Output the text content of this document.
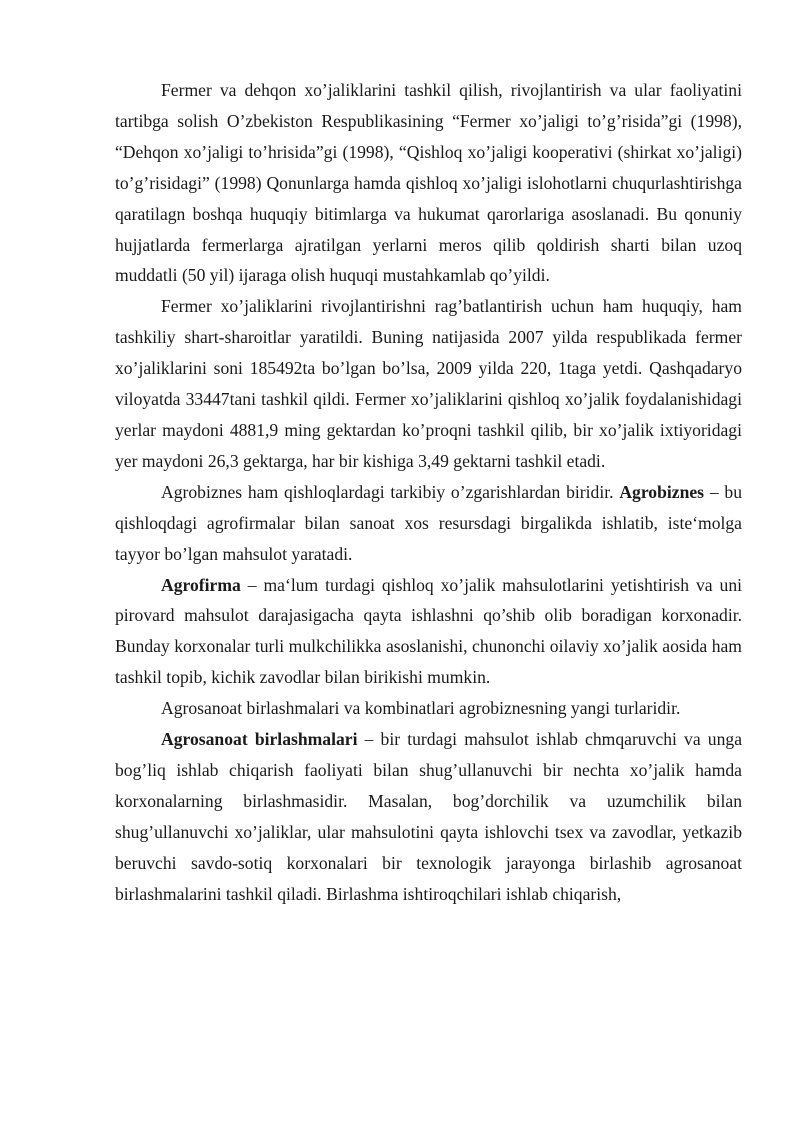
Fermer va dehqon xo’jaliklarini tashkil qilish, rivojlantirish va ular faoliyatini tartibga solish O’zbekiston Respublikasining “Fermer xo’jaligi to’g’risida”gi (1998), “Dehqon xo’jaligi to’hrisida”gi (1998), “Qishloq xo’jaligi kooperativi (shirkat xo’jaligi) to’g’risidagi” (1998) Qonunlarga hamda qishloq xo’jaligi islohotlarni chuqurlashtirishga qaratilagn boshqa huquqiy bitimlarga va hukumat qarorlariga asoslanadi. Bu qonuniy hujjatlarda fermerlarga ajratilgan yerlarni meros qilib qoldirish sharti bilan uzoq muddatli (50 yil) ijaraga olish huquqi mustahkamlab qo’yildi.

Fermer xo’jaliklarini rivojlantirishni rag’batlantirish uchun ham huquqiy, ham tashkiliy shart-sharoitlar yaratildi. Buning natijasida 2007 yilda respublikada fermer xo’jaliklarini soni 185492ta bo’lgan bo’lsa, 2009 yilda 220, 1taga yetdi. Qashqadaryo viloyatda 33447tani tashkil qildi. Fermer xo’jaliklarini qishloq xo’jalik foydalanishidagi yerlar maydoni 4881,9 ming gektardan ko’proqni tashkil qilib, bir xo’jalik ixtiyoridagi yer maydoni 26,3 gektarga, har bir kishiga 3,49 gektarni tashkil etadi.

Agrobiznes ham qishloqlardagi tarkibiy o’zgarishlardan biridir. Agrobiznes – bu qishloqdagi agrofirmalar bilan sanoat xos resursdagi birgalikda ishlatib, iste‘molga tayyor bo’lgan mahsulot yaratadi.

Agrofirma – ma‘lum turdagi qishloq xo’jalik mahsulotlarini yetishtirish va uni pirovard mahsulot darajasigacha qayta ishlashni qo’shib olib boradigan korxonadir. Bunday korxonalar turli mulkchilikka asoslanishi, chunonchi oilaviy xo’jalik aosida ham tashkil topib, kichik zavodlar bilan birikishi mumkin.

Agrosanoat birlashmalari va kombinatlari agrobiznesning yangi turlaridir.

Agrosanoat birlashmalari – bir turdagi mahsulot ishlab chmqaruvchi va unga bog’liq ishlab chiqarish faoliyati bilan shug’ullanuvchi bir nechta xo’jalik hamda korxonalarning birlashmasidir. Masalan, bog’dorchilik va uzumchilik bilan shug’ullanuvchi xo’jaliklar, ular mahsulotini qayta ishlovchi tsex va zavodlar, yetkazib beruvchi savdo-sotiq korxonalari bir texnologik jarayonga birlashib agrosanoat birlashmalarini tashkil qiladi. Birlashma ishtiroqchilari ishlab chiqarish,
